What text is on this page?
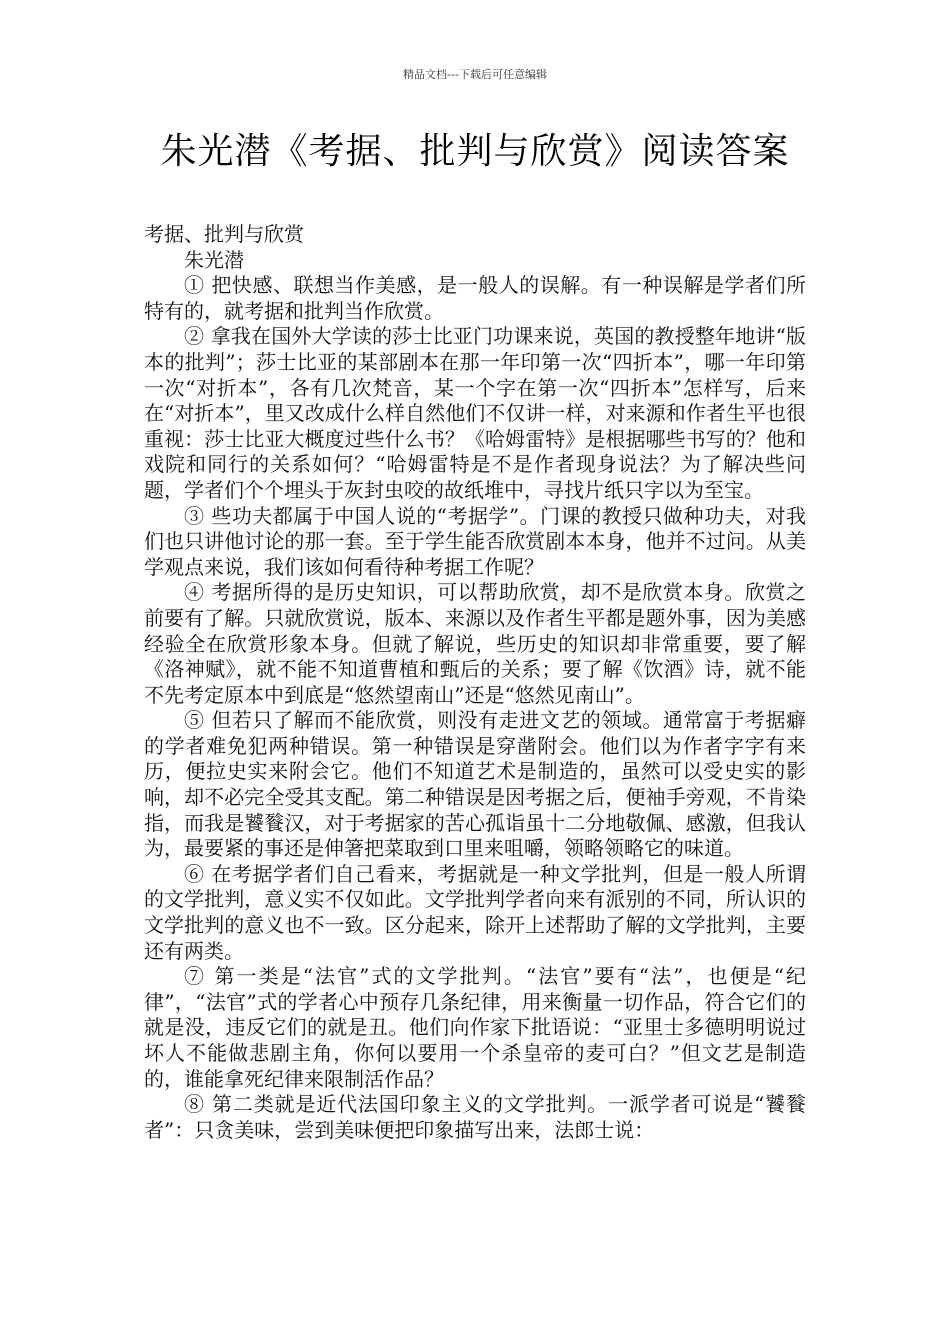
精品文档---下载后可任意编辑
朱光潜《考据、批判与欣赏》阅读答案

考据、批判与欣赏

朱光潜

① 把快感、联想当作美感，是一般人的误解。有一种误解是学者们所特有的，就考据和批判当作欣赏。

② 拿我在国外大学读的莎士比亚门功课来说，英国的教授整年地讲“版本的批判”；莎士比亚的某部剧本在那一年印第一次“四折本”，哪一年印第一次“对折本”，各有几次梵音，某一个字在第一次“四折本”怎样写，后来在“对折本”，里又改成什么样自然他们不仅讲一样，对来源和作者生平也很重视：莎士比亚大概度过些什么书？《哈姆雷特》是根据哪些书写的？他和戏院和同行的关系如何？“哈姆雷特是不是作者现身说法？为了解决些问题，学者们个个埋头于灰封虫咬的故纸堆中，寻找片纸只字以为至宝。

③ 些功夫都属于中国人说的“考据学”。门课的教授只做种功夫，对我们也只讲他讨论的那一套。至于学生能否欣赏剧本本身，他并不过问。从美学观点来说，我们该如何看待种考据工作呢？

④ 考据所得的是历史知识，可以帮助欣赏，却不是欣赏本身。欣赏之前要有了解。只就欣赏说，版本、来源以及作者生平都是题外事，因为美感经验全在欣赏形象本身。但就了解说，些历史的知识却非常重要，要了解《洛神赋》，就不能不知道曹植和甄后的关系；要了解《饮酒》诗，就不能不先考定原本中到底是“悠然望南山”还是“悠然见南山”。

⑤ 但若只了解而不能欣赏，则没有走进文艺的领域。通常富于考据癖的学者难免犯两种错误。第一种错误是穿凿附会。他们以为作者字字有来历，便拉史实来附会它。他们不知道艺术是制造的，虽然可以受史实的影响，却不必完全受其支配。第二种错误是因考据之后，便袖手旁观，不肯染指，而我是饕餮汉，对于考据家的苦心孤诣虽十二分地敬佩、感激，但我认为，最要紧的事还是伸箸把菜取到口里来咀嚼，领略领略它的味道。

⑥ 在考据学者们自己看来，考据就是一种文学批判，但是一般人所谓的文学批判，意义实不仅如此。文学批判学者向来有派别的不同，所认识的文学批判的意义也不一致。区分起来，除开上述帮助了解的文学批判，主要还有两类。

⑦ 第一类是“法官”式的文学批判。“法官”要有“法”，也便是“纪律”，“法官”式的学者心中预存几条纪律，用来衡量一切作品，符合它们的就是没，违反它们的就是丑。他们向作家下批语说：“亚里士多德明明说过坏人不能做悲剧主角，你何以要用一个杀皇帝的麦可白？”但文艺是制造的，谁能拿死纪律来限制活作品？

⑧ 第二类就是近代法国印象主义的文学批判。一派学者可说是“饕餮者”：只贪美味，尝到美味便把印象描写出来，法郎士说：
